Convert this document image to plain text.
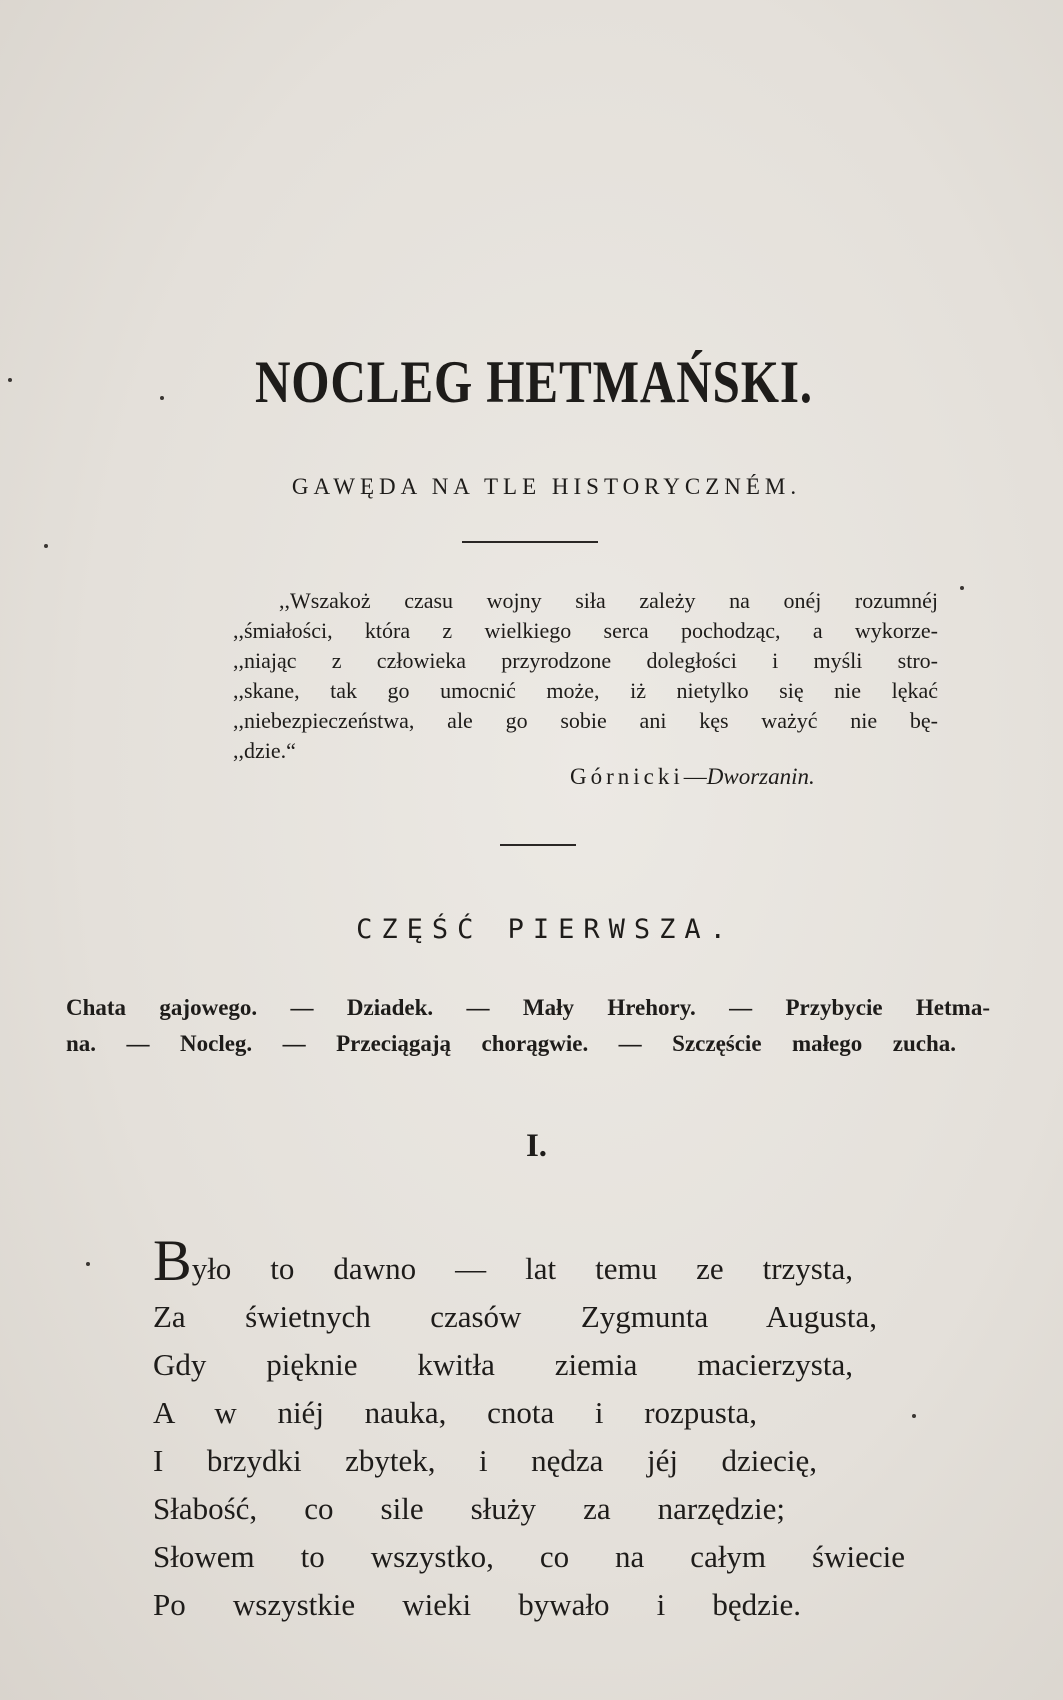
NOCLEG HETMAŃSKI.
GAWĘDA NA TLE HISTORYCZNÉM.
,,Wszakoż czasu wojny siła zależy na onéj rozumnéj
,,śmiałości, która z wielkiego serca pochodząc, a wykorze-
,,niając z człowieka przyrodzone doległości i myśli stro-
,,skane, tak go umocnić może, iż nietylko się nie lękać
,,niebezpieczeństwa, ale go sobie ani kęs ważyć nie bę-
,,dzie.“
Górnicki—Dworzanin.
CZĘŚĆ PIERWSZA.
Chata gajowego. — Dziadek. — Mały Hrehory. — Przybycie Hetma-
na. — Nocleg. — Przeciągają chorągwie. — Szczęście małego zucha.
I.
Było to dawno — lat temu ze trzysta,
Za świetnych czasów Zygmunta Augusta,
Gdy pięknie kwitła ziemia macierzysta,
A w niéj nauka, cnota i rozpusta,
I brzydki zbytek, i nędza jéj dziecię,
Słabość, co sile służy za narzędzie;
Słowem to wszystko, co na całym świecie
Po wszystkie wieki bywało i będzie.
